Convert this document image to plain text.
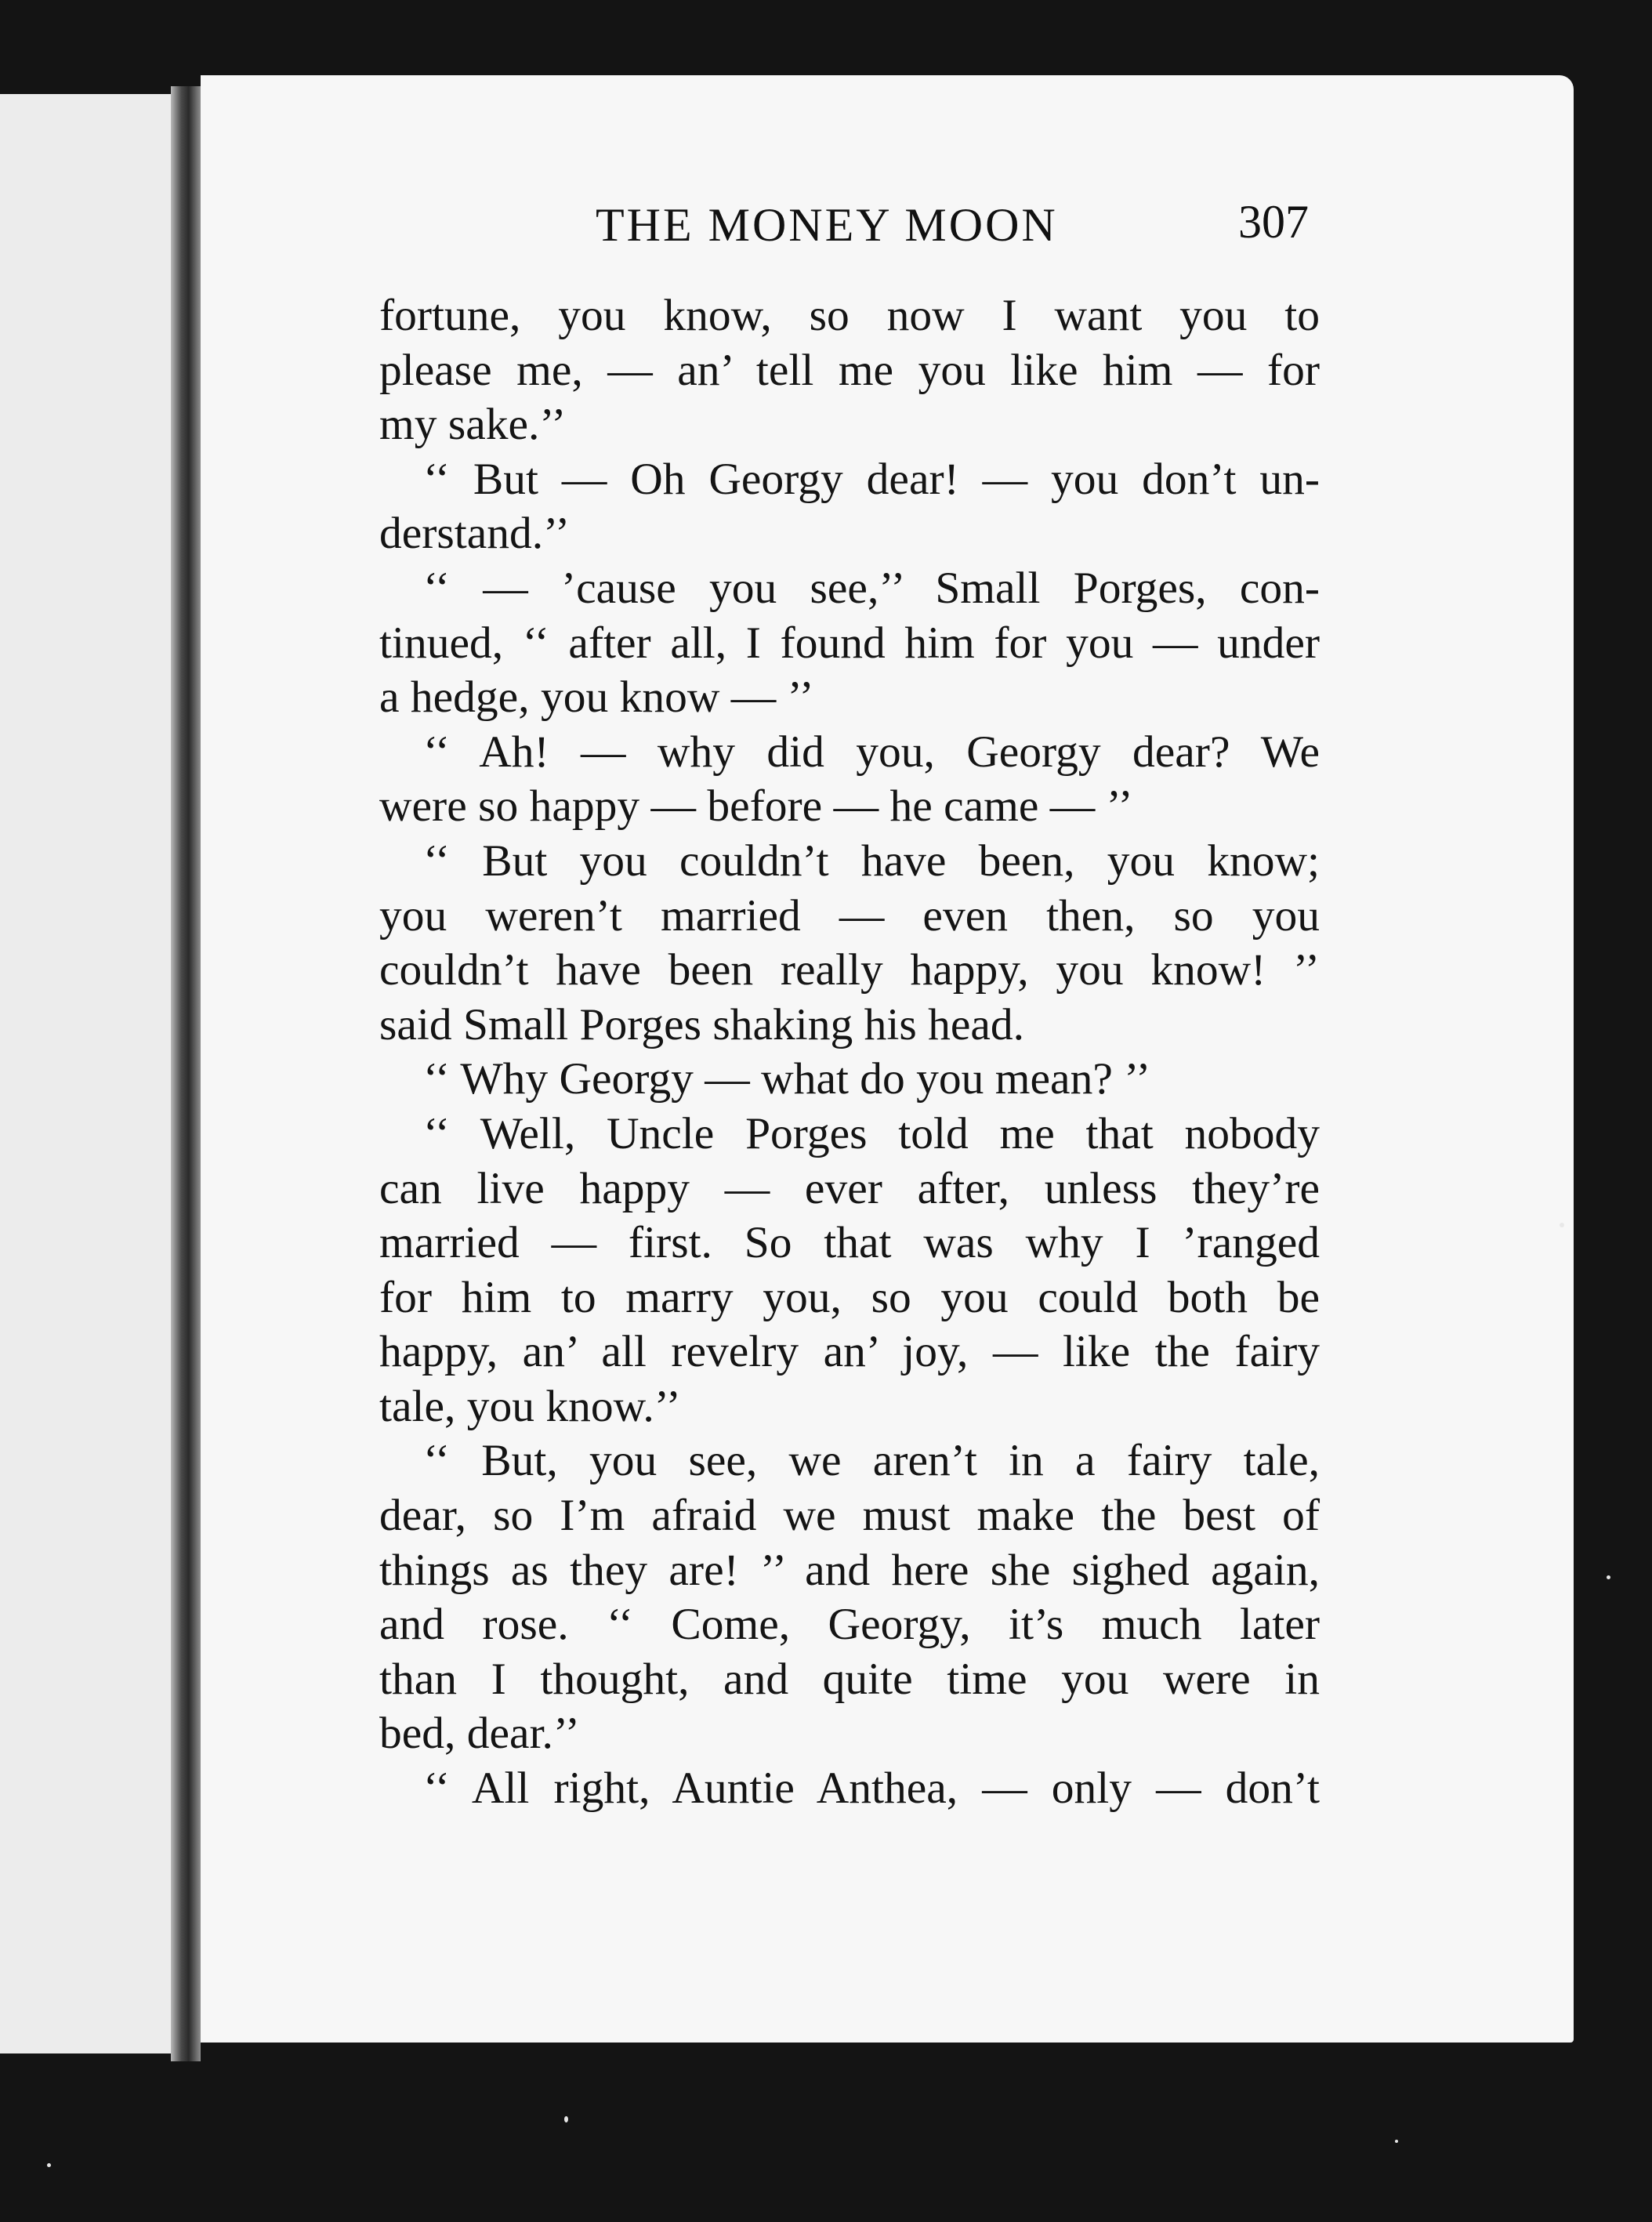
THE MONEY MOON	307
fortune, you know, so now I want you to
please me, — an’ tell me you like him — for
my sake.’’
‘‘ But — Oh Georgy dear! — you don’t un-
derstand.’’
‘‘ — ’cause you see,’’ Small Porges, con-
tinued, ‘‘ after all, I found him for you — under
a hedge, you know — ’’
‘‘ Ah! — why did you, Georgy dear? We
were so happy — before — he came — ’’
‘‘ But you couldn’t have been, you know;
you weren’t married — even then, so you
couldn’t have been really happy, you know! ’’
said Small Porges shaking his head.
‘‘ Why Georgy — what do you mean? ’’
‘‘ Well, Uncle Porges told me that nobody
can live happy — ever after, unless they’re
married — first. So that was why I ’ranged
for him to marry you, so you could both be
happy, an’ all revelry an’ joy, — like the fairy
tale, you know.’’
‘‘ But, you see, we aren’t in a fairy tale,
dear, so I’m afraid we must make the best of
things as they are! ’’ and here she sighed again,
and rose. ‘‘ Come, Georgy, it’s much later
than I thought, and quite time you were in
bed, dear.’’
‘‘ All right, Auntie Anthea, — only — don’t
